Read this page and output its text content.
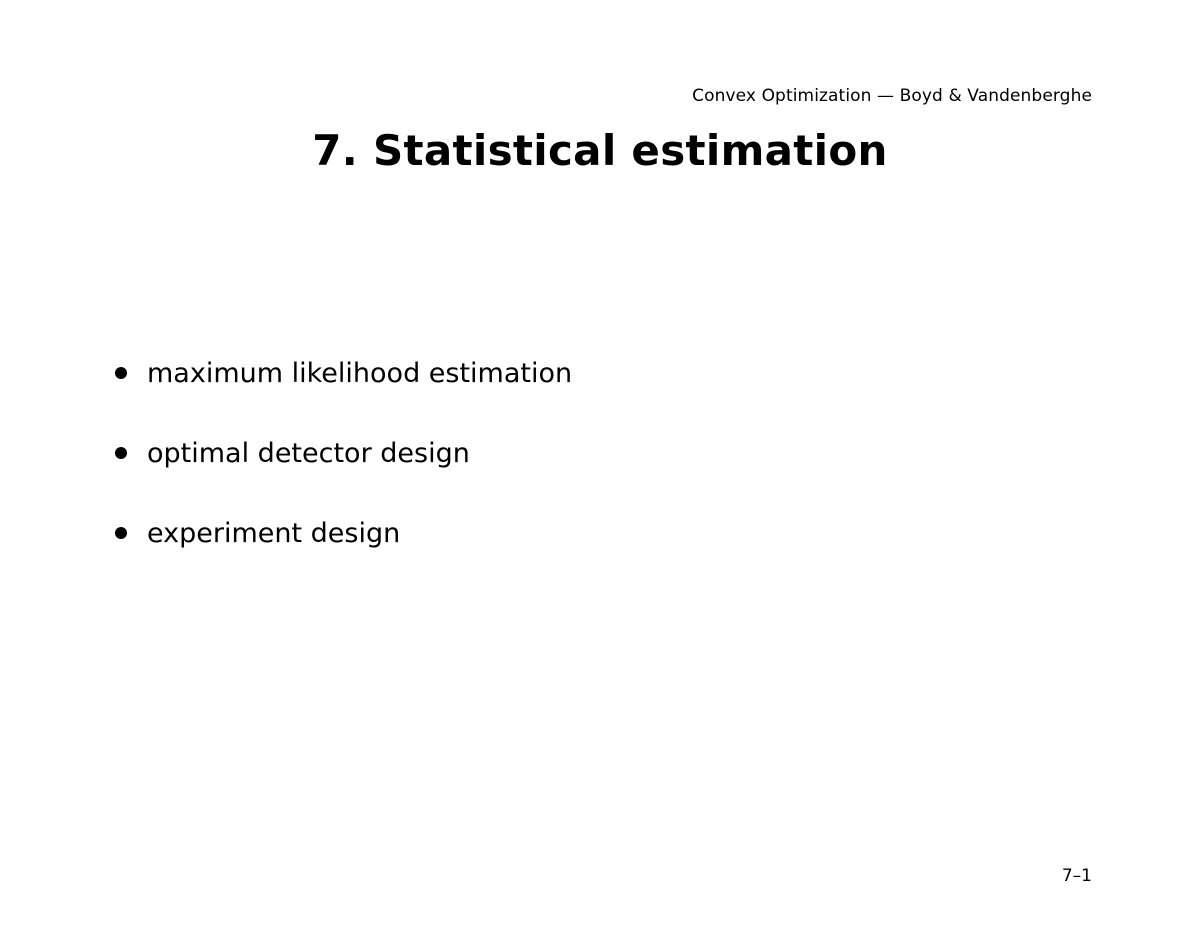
Convex Optimization — Boyd & Vandenberghe
7. Statistical estimation
maximum likelihood estimation
optimal detector design
experiment design
7–1
